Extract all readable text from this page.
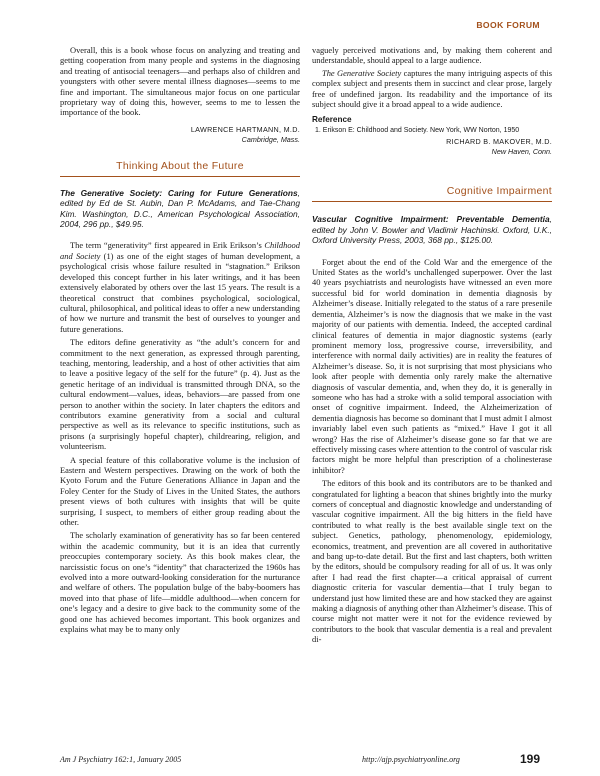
BOOK FORUM

Overall, this is a book whose focus on analyzing and treating and getting cooperation from many people and systems in the diagnosing and treating of antisocial teenagers—and perhaps also of children and youngsters with other severe mental illness diagnoses—seems to me fine and important. The simultaneous major focus on one particular proprietary way of doing this, however, seems to me to lessen the importance of the book.

LAWRENCE HARTMANN, M.D.
Cambridge, Mass.
Thinking About the Future

The Generative Society: Caring for Future Generations, edited by Ed de St. Aubin, Dan P. McAdams, and Tae-Chang Kim. Washington, D.C., American Psychological Association, 2004, 296 pp., $49.95.

The term “generativity” first appeared in Erik Erikson’s Childhood and Society (1) as one of the eight stages of human development, a psychological crisis whose failure resulted in “stagnation.” Erikson developed this concept further in his later writings, and it has been extensively elaborated by others over the last 15 years. The result is a theoretical construct that combines psychological, sociological, cultural, philosophical, and political ideas to offer a new understanding of how we nurture and transmit the best of ourselves to younger and future generations.

The editors define generativity as “the adult’s concern for and commitment to the next generation, as expressed through parenting, teaching, mentoring, leadership, and a host of other activities that aim to leave a positive legacy of the self for the future” (p. 4). Just as the genetic heritage of an individual is transmitted through DNA, so the cultural endowment—values, ideas, behaviors—are passed from one person to another within the society. In later chapters the editors and contributors examine generativity from a social and cultural perspective as well as its relevance to specific institutions, such as prisons (a surprisingly hopeful chapter), childrearing, religion, and volunteerism.

A special feature of this collaborative volume is the inclusion of Eastern and Western perspectives. Drawing on the work of both the Kyoto Forum and the Future Generations Alliance in Japan and the Foley Center for the Study of Lives in the United States, the authors present views of both cultures with insights that will be quite surprising, I suspect, to members of either group reading about the other.

The scholarly examination of generativity has so far been centered within the academic community, but it is an idea that currently preoccupies contemporary society. As this book makes clear, the narcissistic focus on one’s “identity” that characterized the 1960s has evolved into a more outward-looking consideration for the nurturance and welfare of others. The population bulge of the baby-boomers has moved into that phase of life—middle adulthood—when concern for one’s legacy and a desire to give back to the community some of the good one has achieved becomes important. This book organizes and explains what may be to many only

vaguely perceived motivations and, by making them coherent and understandable, should appeal to a large audience.

The Generative Society captures the many intriguing aspects of this complex subject and presents them in succinct and clear prose, largely free of undefined jargon. Its readability and the importance of its subject should give it a broad appeal to a wide audience.

Reference

1. Erikson E: Childhood and Society. New York, WW Norton, 1950

RICHARD B. MAKOVER, M.D.
New Haven, Conn.
Cognitive Impairment

Vascular Cognitive Impairment: Preventable Dementia, edited by John V. Bowler and Vladimir Hachinski. Oxford, U.K., Oxford University Press, 2003, 368 pp., $125.00.

Forget about the end of the Cold War and the emergence of the United States as the world’s unchallenged superpower. Over the last 40 years psychiatrists and neurologists have witnessed an even more successful bid for world domination in dementia diagnosis by Alzheimer’s disease. Initially relegated to the status of a rare presenile dementia, Alzheimer’s is now the diagnosis that we make in the vast majority of our patients with dementia. Indeed, the accepted cardinal clinical features of dementia in major diagnostic systems (early prominent memory loss, progressive course, irreversibility, and interference with normal daily activities) are in reality the features of Alzheimer’s disease. So, it is not surprising that most physicians who look after people with dementia only rarely make the alternative diagnosis of vascular dementia, and, when they do, it is generally in someone who has had a stroke with a solid temporal association with onset of cognitive impairment. Indeed, the Alzheimerization of dementia diagnosis has become so dominant that I must admit I almost invariably label even such patients as “mixed.” Have I got it all wrong? Has the rise of Alzheimer’s disease gone so far that we are effectively missing cases where attention to the control of vascular risk factors might be more helpful than prescription of a cholinesterase inhibitor?

The editors of this book and its contributors are to be thanked and congratulated for lighting a beacon that shines brightly into the murky corners of conceptual and diagnostic knowledge and understanding of vascular cognitive impairment. All the big hitters in the field have contributed to what really is the best available single text on the subject. Genetics, pathology, phenomenology, epidemiology, economics, treatment, and prevention are all covered in authoritative and bang up-to-date detail. But the first and last chapters, both written by the editors, should be compulsory reading for all of us. It was only after I had read the first chapter—a critical appraisal of current diagnostic criteria for vascular dementia—that I truly began to understand just how limited these are and how stacked they are against making a diagnosis of anything other than Alzheimer’s disease. This of course might not matter were it not for the evidence reviewed by contributors to the book that vascular dementia is a real and prevalent di-

Am J Psychiatry 162:1, January 2005	http://ajp.psychiatryonline.org	199
